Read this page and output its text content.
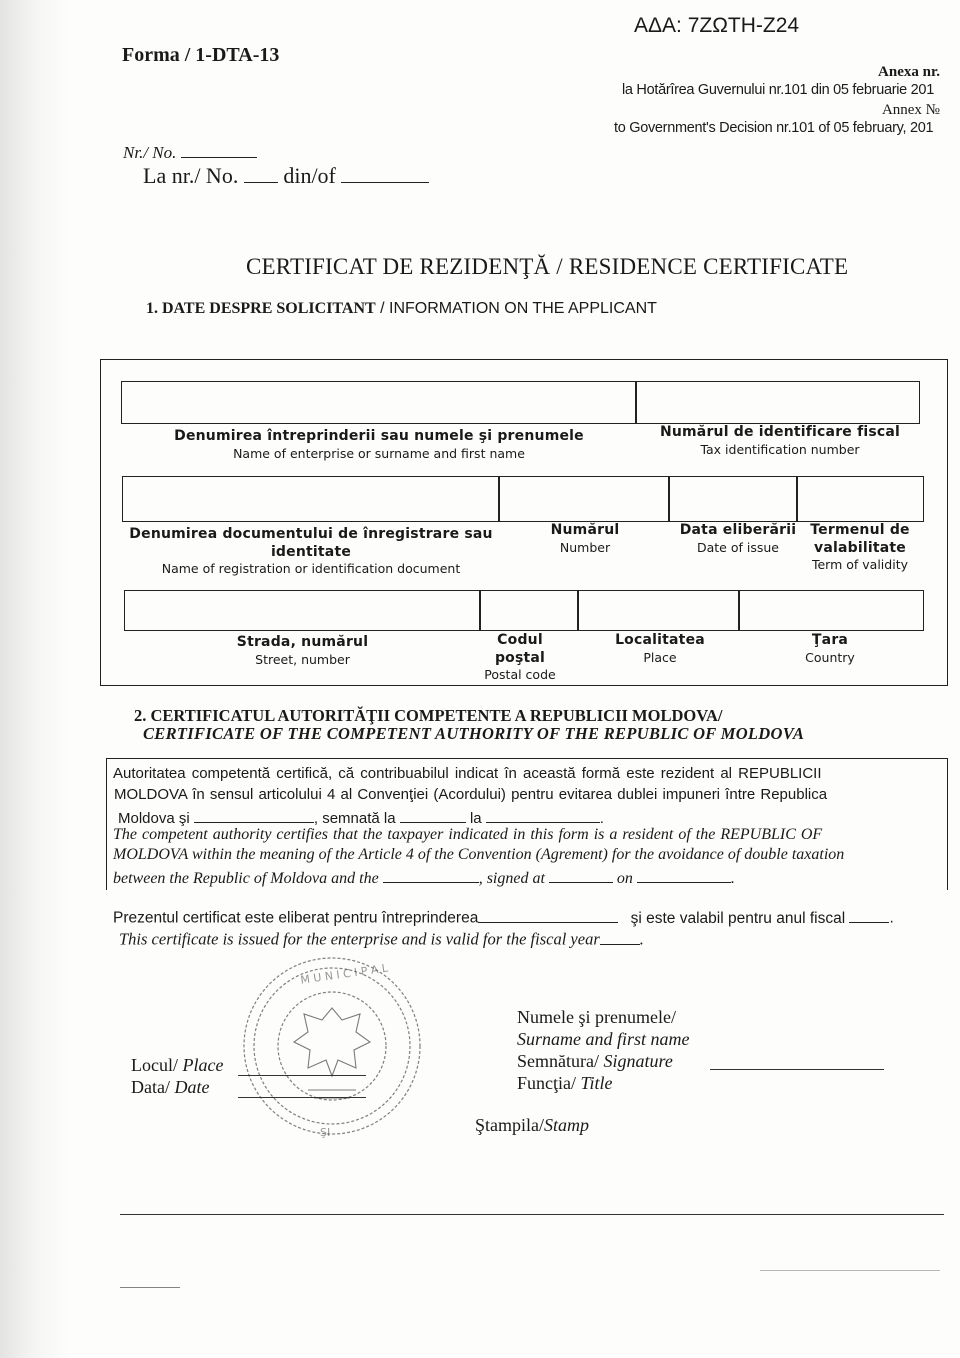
Forma / 1-DTA-13
ΑΔΑ: 7ΖΩΤΗ-Ζ24
Anexa nr.
la Hotărîrea Guvernului nr.101 din 05 februarie 201
Annex №
to Government's Decision nr.101 of 05 february, 201
Nr./ No.
La nr./ No. din/of
CERTIFICAT DE REZIDENŢĂ / RESIDENCE CERTIFICATE
1. DATE DESPRE SOLICITANT / INFORMATION ON THE APPLICANT
Denumirea întreprinderii sau numele şi prenumele
Name of enterprise or surname and first name
Numărul de identificare fiscal
Tax identification number
Denumirea documentului de înregistrare sau
identitate
Name of registration or identification document
Numărul
Number
Data eliberării
Date of issue
Termenul de
valabilitate
Term of validity
Strada, numărul
Street, number
Codul poştal
Postal code
Localitatea
Place
Ţara
Country
2. CERTIFICATUL AUTORITĂŢII COMPETENTE A REPUBLICII MOLDOVA/
CERTIFICATE OF THE COMPETENT AUTHORITY OF THE REPUBLIC OF MOLDOVA
Autoritatea competentă certifică, că contribuabilul indicat în această formă este rezident al REPUBLICII
MOLDOVA în sensul articolului 4 al Convenţiei (Acordului) pentru evitarea dublei impuneri între Republica
Moldova şi	, semnată la	la	.
The competent authority certifies that the taxpayer indicated in this form is a resident of the REPUBLIC OF
MOLDOVA within the meaning of the Article 4 of the Convention (Agrement) for the avoidance of double taxation
between the Republic of Moldova and the	, signed at	on	.
Prezentul certificat este eliberat pentru întreprinderea	şi este valabil pentru anul fiscal	.
This certificate is issued for the enterprise and is valid for the fiscal year .
M U N I C I P A L
ŞI
Locul/ Place
Data/ Date
Numele şi prenumele/
Surname and first name
Semnătura/ Signature
Funcţia/ Title
Ştampila/Stamp
